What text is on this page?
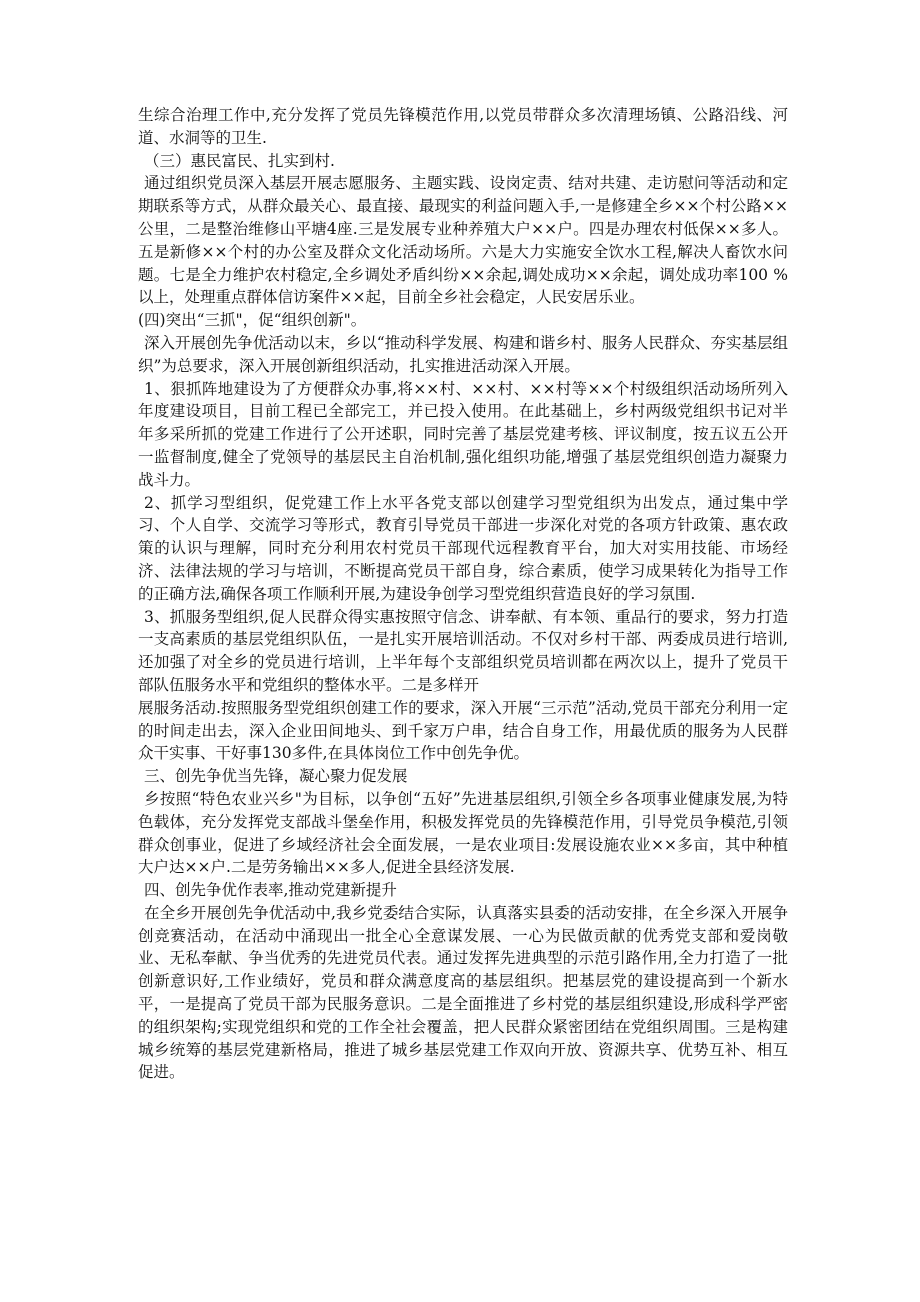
生综合治理工作中,充分发挥了党员先锋模范作用,以党员带群众多次清理场镇、公路沿线、河道、水洞等的卫生.

（三）惠民富民、扎实到村.

通过组织党员深入基层开展志愿服务、主题实践、设岗定责、结对共建、走访慰问等活动和定期联系等方式，从群众最关心、最直接、最现实的利益问题入手,一是修建全乡××个村公路××公里，二是整治维修山平塘4座.三是发展专业种养殖大户××户。四是办理农村低保××多人。五是新修××个村的办公室及群众文化活动场所。六是大力实施安全饮水工程,解决人畜饮水问题。七是全力维护农村稳定,全乡调处矛盾纠纷××余起,调处成功××余起，调处成功率100 %以上，处理重点群体信访案件××起，目前全乡社会稳定，人民安居乐业。

(四)突出“三抓"，促“组织创新"。

深入开展创先争优活动以末，乡以“推动科学发展、构建和谐乡村、服务人民群众、夯实基层组织”为总要求，深入开展创新组织活动，扎实推进活动深入开展。

1、狠抓阵地建设为了方便群众办事,将××村、××村、××村等××个村级组织活动场所列入年度建设项目，目前工程已全部完工，并已投入使用。在此基础上，乡村两级党组织书记对半年多采所抓的党建工作进行了公开述职，同时完善了基层党建考核、评议制度，按五议五公开一监督制度,健全了党领导的基层民主自治机制,强化组织功能,增强了基层党组织创造力凝聚力战斗力。

2、抓学习型组织，促党建工作上水平各党支部以创建学习型党组织为出发点，通过集中学习、个人自学、交流学习等形式，教育引导党员干部进一步深化对党的各项方针政策、惠农政策的认识与理解，同时充分利用农村党员干部现代远程教育平台，加大对实用技能、市场经济、法律法规的学习与培训，不断提高党员干部自身，综合素质，使学习成果转化为指导工作的正确方法,确保各项工作顺利开展,为建设争创学习型党组织营造良好的学习氛围.

3、抓服务型组织,促人民群众得实惠按照守信念、讲奉献、有本领、重品行的要求，努力打造一支高素质的基层党组织队伍，一是扎实开展培训活动。不仅对乡村干部、两委成员进行培训,还加强了对全乡的党员进行培训，上半年每个支部组织党员培训都在两次以上，提升了党员干部队伍服务水平和党组织的整体水平。二是多样开

展服务活动.按照服务型党组织创建工作的要求，深入开展“三示范”活动,党员干部充分利用一定的时间走出去，深入企业田间地头、到千家万户串，结合自身工作，用最优质的服务为人民群众干实事、干好事130多件,在具体岗位工作中创先争优。

三、创先争优当先锋，凝心聚力促发展

乡按照“特色农业兴乡"为目标，以争创“五好”先进基层组织,引领全乡各项事业健康发展,为特色载体，充分发挥党支部战斗堡垒作用，积极发挥党员的先锋模范作用，引导党员争模范,引领群众创事业，促进了乡域经济社会全面发展，一是农业项目:发展设施农业××多亩，其中种植大户达××户.二是劳务输出××多人,促进全县经济发展.

四、创先争优作表率,推动党建新提升

在全乡开展创先争优活动中,我乡党委结合实际，认真落实县委的活动安排，在全乡深入开展争创竞赛活动，在活动中涌现出一批全心全意谋发展、一心为民做贡献的优秀党支部和爱岗敬业、无私奉献、争当优秀的先进党员代表。通过发挥先进典型的示范引路作用,全力打造了一批创新意识好,工作业绩好，党员和群众满意度高的基层组织。把基层党的建设提高到一个新水平，一是提高了党员干部为民服务意识。二是全面推进了乡村党的基层组织建设,形成科学严密的组织架构;实现党组织和党的工作全社会覆盖，把人民群众紧密团结在党组织周围。三是构建城乡统筹的基层党建新格局，推进了城乡基层党建工作双向开放、资源共享、优势互补、相互促进。
